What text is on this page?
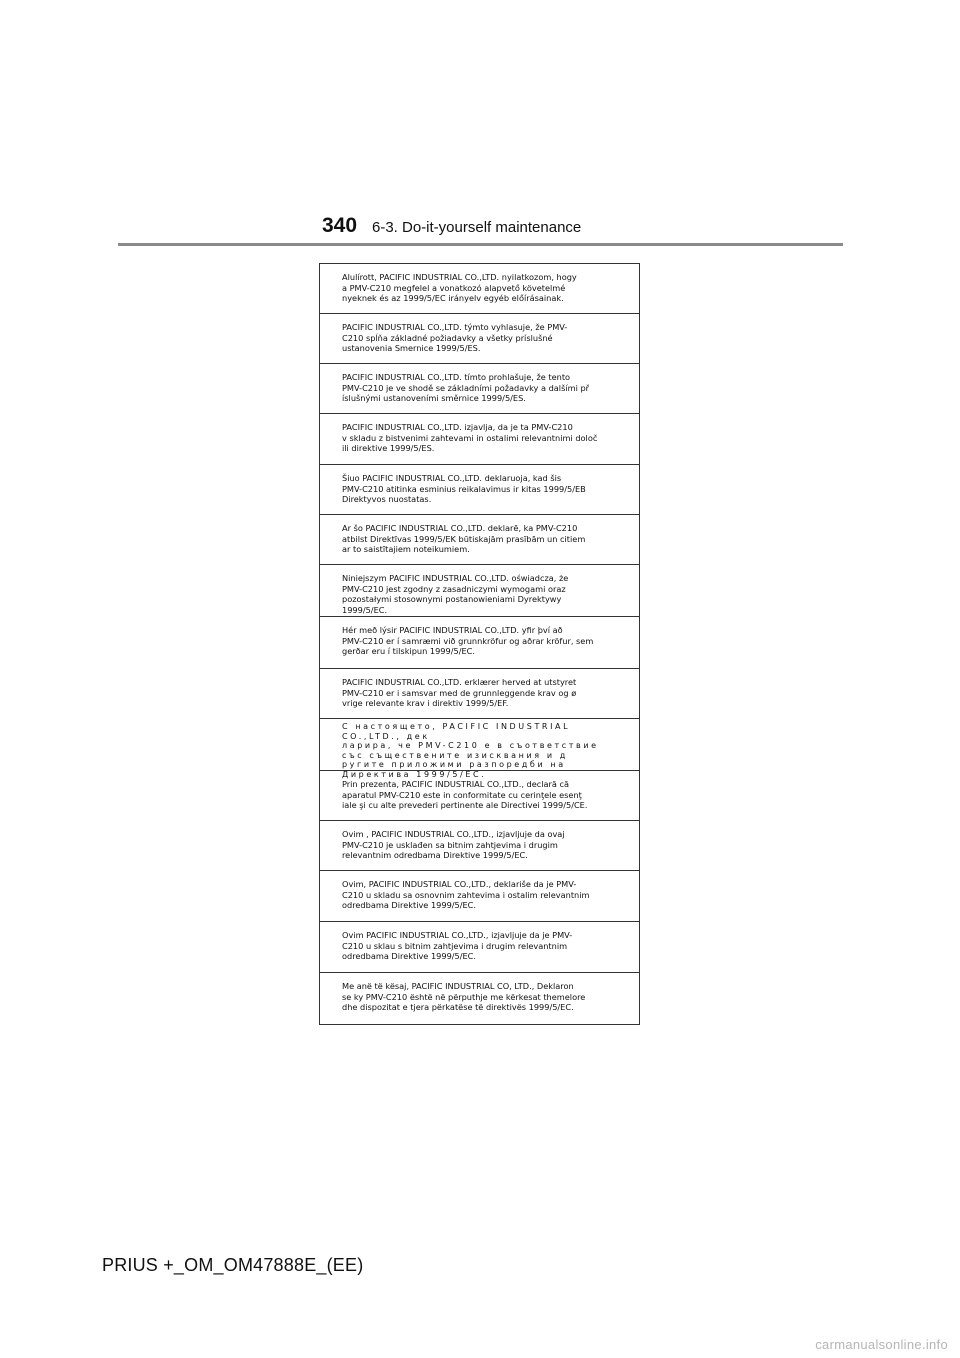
340 6-3. Do-it-yourself maintenance

Alulírott, PACIFIC INDUSTRIAL CO.,LTD. nyilatkozom, hogy
a PMV-C210 megfelel a vonatkozó alapvető követelmé
nyeknek és az 1999/5/EC irányelv egyéb előírásainak.

PACIFIC INDUSTRIAL CO.,LTD. týmto vyhlasuje, že PMV-
C210 spĺňa základné požiadavky a všetky príslušné
ustanovenia Smernice 1999/5/ES.

PACIFIC INDUSTRIAL CO.,LTD. tímto prohlašuje, že tento
PMV-C210 je ve shodě se základními požadavky a dalšími př
íslušnými ustanoveními směrnice 1999/5/ES.

PACIFIC INDUSTRIAL CO.,LTD. izjavlja, da je ta PMV-C210
v skladu z bistvenimi zahtevami in ostalimi relevantnimi določ
ili direktive 1999/5/ES.

Šiuo PACIFIC INDUSTRIAL CO.,LTD. deklaruoja, kad šis
PMV-C210 atitinka esminius reikalavimus ir kitas 1999/5/EB
Direktyvos nuostatas.

Ar šo PACIFIC INDUSTRIAL CO.,LTD. deklarē, ka PMV-C210
atbilst Direktīvas 1999/5/EK būtiskajām prasībām un citiem
ar to saistītajiem noteikumiem.

Niniejszym PACIFIC INDUSTRIAL CO.,LTD. oświadcza, że
PMV-C210 jest zgodny z zasadniczymi wymogami oraz
pozostałymi stosownymi postanowieniami Dyrektywy
1999/5/EC.

Hér með lýsir PACIFIC INDUSTRIAL CO.,LTD. yfir því að
PMV-C210 er í samræmi við grunnkröfur og aðrar kröfur, sem
gerðar eru í tilskipun 1999/5/EC.

PACIFIC INDUSTRIAL CO.,LTD. erklærer herved at utstyret
PMV-C210 er i samsvar med de grunnleggende krav og ø
vrige relevante krav i direktiv 1999/5/EF.

С настоящето, PACIFIC INDUSTRIAL CO.,LTD., дек
ларира, че PMV-C210 е в съответствие
със съществените изисквания и д
ругите приложими разпоредби на
Директива 1999/5/ЕС.

Prin prezenta, PACIFIC INDUSTRIAL CO.,LTD., declară că
aparatul PMV-C210 este in conformitate cu cerinţele esenţ
iale şi cu alte prevederi pertinente ale Directivei 1999/5/CE.

Ovim , PACIFIC INDUSTRIAL CO.,LTD., izjavljuje da ovaj
PMV-C210 je usklađen sa bitnim zahtjevima i drugim
relevantnim odredbama Direktive 1999/5/EC.

Ovim, PACIFIC INDUSTRIAL CO.,LTD., deklariše da je PMV-
C210 u skladu sa osnovnim zahtevima i ostalim relevantnim
odredbama Direktive 1999/5/EC.

Ovim PACIFIC INDUSTRIAL CO.,LTD., izjavljuje da je PMV-
C210 u sklau s bitnim zahtjevima i drugim relevantnim
odredbama Direktive 1999/5/EC.

Me anë të kësaj, PACIFIC INDUSTRIAL CO, LTD., Deklaron
se ky PMV-C210 është në përputhje me kërkesat themelore
dhe dispozitat e tjera përkatëse të direktivës 1999/5/EC.

PRIUS +_OM_OM47888E_(EE)
carmanualsonline.info
